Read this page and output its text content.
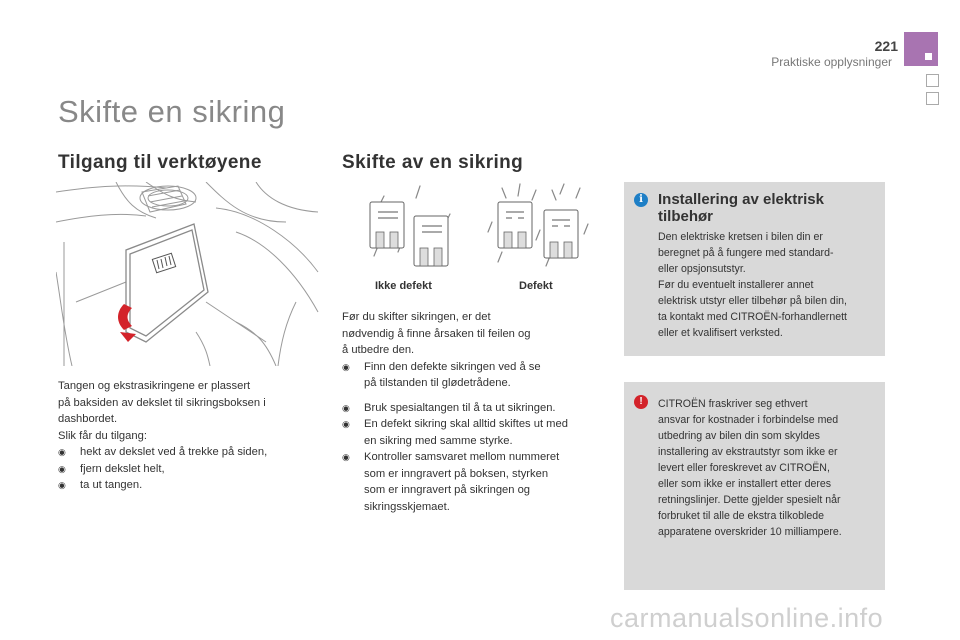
221
Praktiske opplysninger
Skifte en sikring
Tilgang til verktøyene

Tangen og ekstrasikringene er plassert

på baksiden av dekslet til sikringsboksen i

dashbordet.

Slik får du tilgang:

◉ hekt av dekslet ved å trekke på siden,

◉ fjern dekslet helt,

◉ ta ut tangen.

Skifte av en sikring
Ikke defekt	Defekt

Før du skifter sikringen, er det

nødvendig å finne årsaken til feilen og

å utbedre den.

◉ Finn den defekte sikringen ved å se
på tilstanden til glødetrådene.

◉ Bruk spesialtangen til å ta ut sikringen.

◉ En defekt sikring skal alltid skiftes ut med
en sikring med samme styrke.

◉ Kontroller samsvaret mellom nummeret
som er inngravert på boksen, styrken
som er inngravert på sikringen og
sikringsskjemaet.

i	Installering av elektrisk tilbehør
Den elektriske kretsen i bilen din er
beregnet på å fungere med standard-
eller opsjonsutstyr.
Før du eventuelt installerer annet
elektrisk utstyr eller tilbehør på bilen din,
ta kontakt med CITROËN-forhandlernett
eller et kvalifisert verksted.
!	CITROËN fraskriver seg ethvert
ansvar for kostnader i forbindelse med
utbedring av bilen din som skyldes
installering av ekstrautstyr som ikke er
levert eller foreskrevet av CITROËN,
eller som ikke er installert etter deres
retningslinjer. Dette gjelder spesielt når
forbruket til alle de ekstra tilkoblede
apparatene overskrider 10 milliampere.
carmanualsonline.info
